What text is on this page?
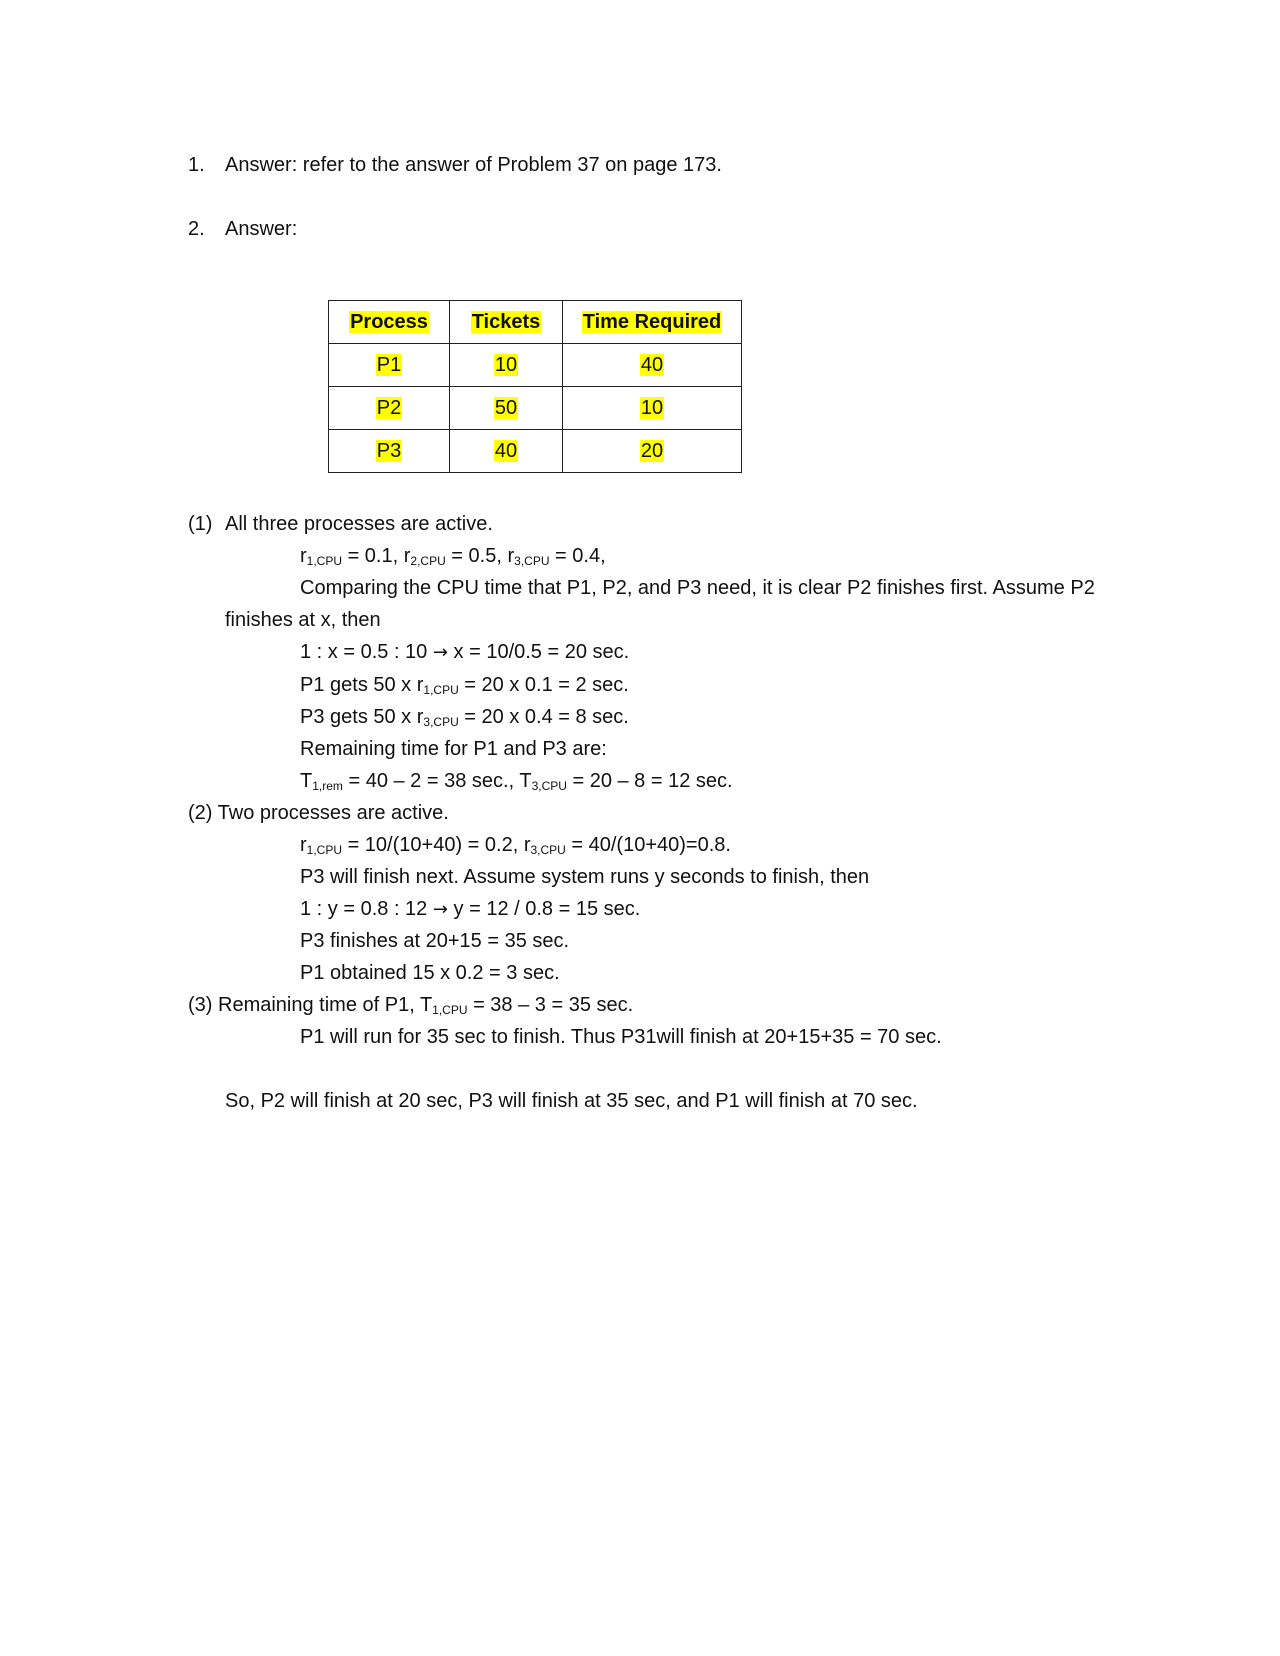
1. Answer: refer to the answer of Problem 37 on page 173.
2. Answer:
Process	Tickets	Time Required
P1	10	40
P2	50	10
P3	40	20
(1) All three processes are active.
$r_{1,CPU} = 0.1$, $r_{2,CPU} = 0.5$, $r_{3,CPU} = 0.4$,
Comparing the CPU time that P1, P2, and P3 need, it is clear P2 finishes first. Assume P2
finishes at x, then
1 : x = 0.5 : 10 → x = 10/0.5 = 20 sec.
P1 gets 50 x $r_{1,CPU} = 20$ x 0.1 = 2 sec.
P3 gets 50 x $r_{3,CPU} = 20$ x 0.4 = 8 sec.
Remaining time for P1 and P3 are:
$T_{1,rem} = 40 - 2 = 38$ sec., $T_{3,CPU} = 20 - 8 = 12$ sec.
(2) Two processes are active.
$r_{1,CPU} = 10/(10+40) = 0.2$, $r_{3,CPU} = 40/(10+40)=0.8$.
P3 will finish next. Assume system runs y seconds to finish, then
1 : y = 0.8 : 12 → y = 12 / 0.8 = 15 sec.
P3 finishes at 20+15 = 35 sec.
P1 obtained 15 x 0.2 = 3 sec.
(3) Remaining time of P1, $T_{1,CPU} = 38 - 3 = 35$ sec.
P1 will run for 35 sec to finish. Thus P31will finish at 20+15+35 = 70 sec.
So, P2 will finish at 20 sec, P3 will finish at 35 sec, and P1 will finish at 70 sec.
